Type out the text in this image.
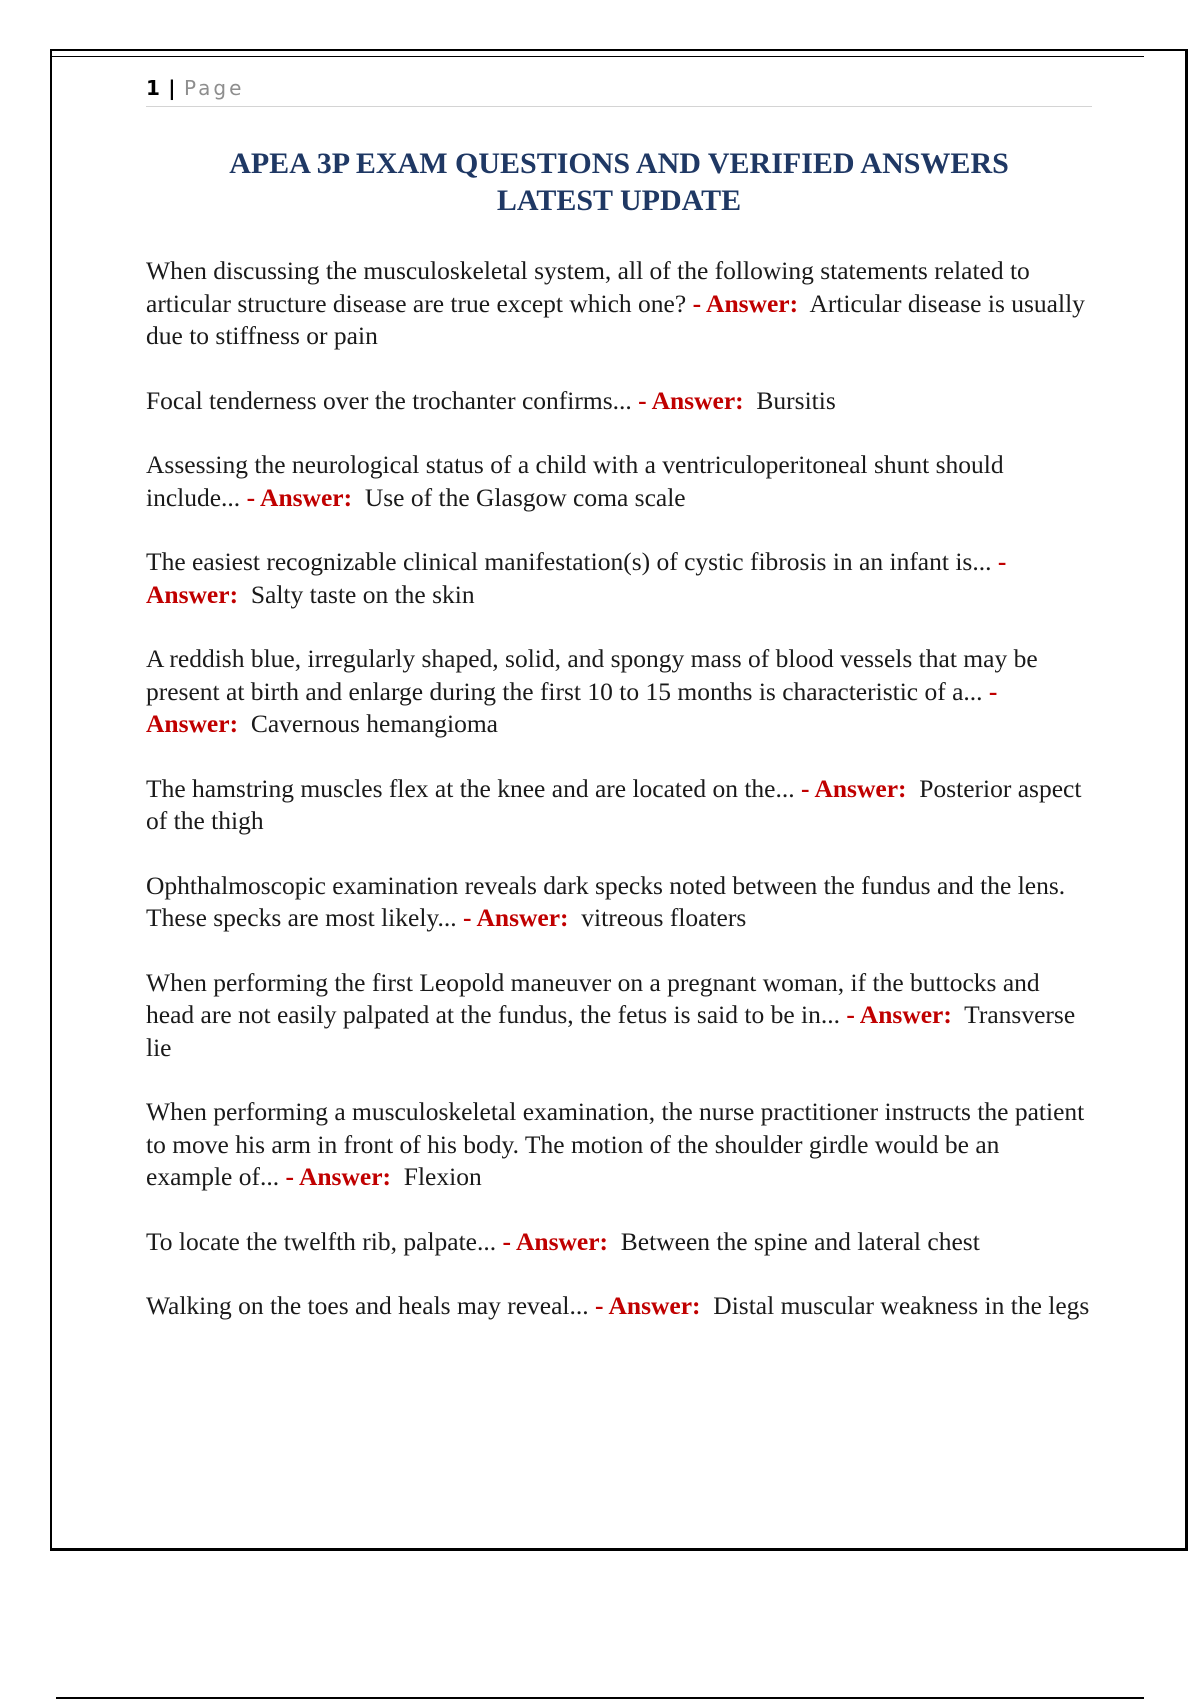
1 | Page
APEA 3P EXAM QUESTIONS AND VERIFIED ANSWERS
LATEST UPDATE
When discussing the musculoskeletal system, all of the following statements related to articular structure disease are true except which one? - Answer: Articular disease is usually due to stiffness or pain
Focal tenderness over the trochanter confirms... - Answer: Bursitis
Assessing the neurological status of a child with a ventriculoperitoneal shunt should include... - Answer: Use of the Glasgow coma scale
The easiest recognizable clinical manifestation(s) of cystic fibrosis in an infant is... - Answer: Salty taste on the skin
A reddish blue, irregularly shaped, solid, and spongy mass of blood vessels that may be present at birth and enlarge during the first 10 to 15 months is characteristic of a... - Answer: Cavernous hemangioma
The hamstring muscles flex at the knee and are located on the... - Answer: Posterior aspect of the thigh
Ophthalmoscopic examination reveals dark specks noted between the fundus and the lens. These specks are most likely... - Answer: vitreous floaters
When performing the first Leopold maneuver on a pregnant woman, if the buttocks and head are not easily palpated at the fundus, the fetus is said to be in... - Answer: Transverse lie
When performing a musculoskeletal examination, the nurse practitioner instructs the patient to move his arm in front of his body. The motion of the shoulder girdle would be an example of... - Answer: Flexion
To locate the twelfth rib, palpate... - Answer: Between the spine and lateral chest
Walking on the toes and heals may reveal... - Answer: Distal muscular weakness in the legs
